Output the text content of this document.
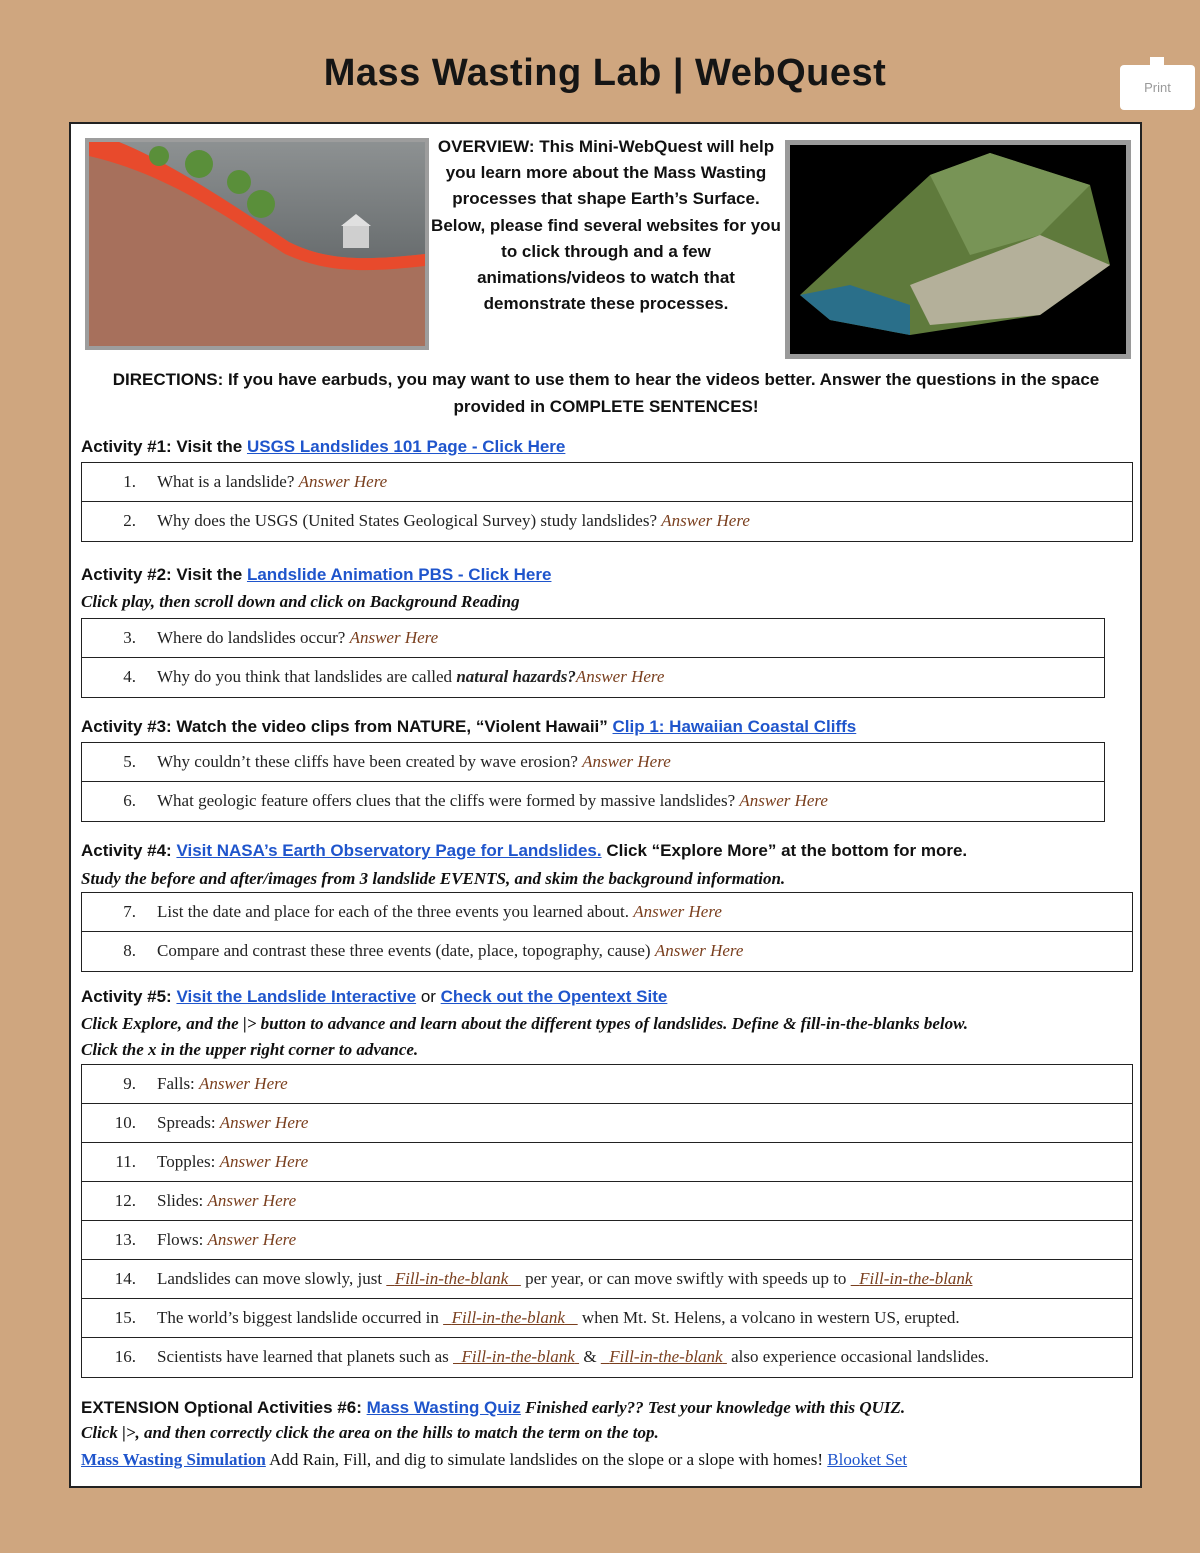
Mass Wasting Lab | WebQuest	Print
OVERVIEW: This Mini-WebQuest will help you learn more about the Mass Wasting processes that shape Earth’s Surface. Below, please find several websites for you to click through and a few animations/videos to watch that demonstrate these processes.
DIRECTIONS: If you have earbuds, you may want to use them to hear the videos better. Answer the questions in the space provided in COMPLETE SENTENCES!
Activity #1: Visit the USGS Landslides 101 Page - Click Here
1. What is a landslide? Answer Here
2. Why does the USGS (United States Geological Survey) study landslides? Answer Here
Activity #2: Visit the Landslide Animation PBS - Click Here
Click play, then scroll down and click on Background Reading
3. Where do landslides occur? Answer Here
4. Why do you think that landslides are called natural hazards?Answer Here
Activity #3: Watch the video clips from NATURE, “Violent Hawaii” Clip 1: Hawaiian Coastal Cliffs
5. Why couldn’t these cliffs have been created by wave erosion? Answer Here
6. What geologic feature offers clues that the cliffs were formed by massive landslides? Answer Here
Activity #4: Visit NASA’s Earth Observatory Page for Landslides. Click “Explore More” at the bottom for more.
Study the before and after/images from 3 landslide EVENTS, and skim the background information.
7. List the date and place for each of the three events you learned about. Answer Here
8. Compare and contrast these three events (date, place, topography, cause) Answer Here
Activity #5: Visit the Landslide Interactive or Check out the Opentext Site
Click Explore, and the |> button to advance and learn about the different types of landslides. Define & fill-in-the-blanks below.
Click the x in the upper right corner to advance.
9. Falls: Answer Here
10. Spreads: Answer Here
11. Topples: Answer Here
12. Slides: Answer Here
13. Flows: Answer Here
14. Landslides can move slowly, just   Fill-in-the-blank    per year, or can move swiftly with speeds up to   Fill-in-the-blank
15. The world’s biggest landslide occurred in   Fill-in-the-blank    when Mt. St. Helens, a volcano in western US, erupted.
16. Scientists have learned that planets such as   Fill-in-the-blank  &   Fill-in-the-blank  also experience occasional landslides.
EXTENSION Optional Activities #6: Mass Wasting Quiz Finished early?? Test your knowledge with this QUIZ.
Click |>, and then correctly click the area on the hills to match the term on the top.
Mass Wasting Simulation Add Rain, Fill, and dig to simulate landslides on the slope or a slope with homes! Blooket Set
